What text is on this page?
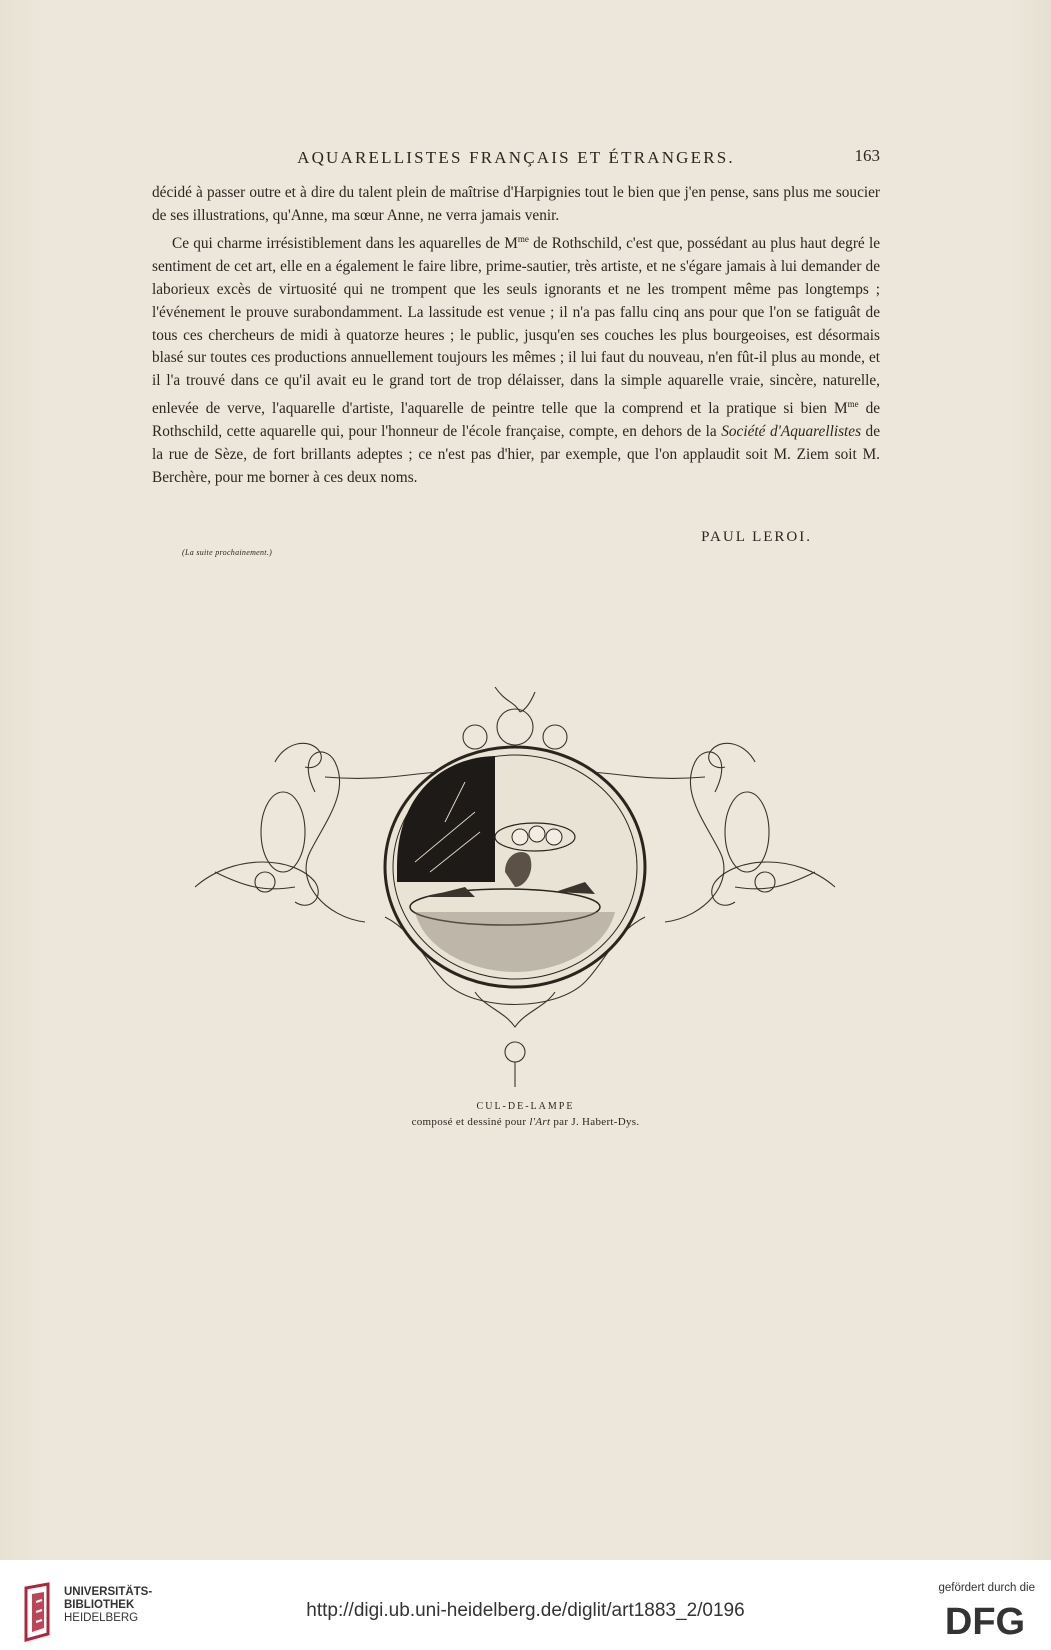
AQUARELLISTES FRANÇAIS ET ÉTRANGERS.	163

décidé à passer outre et à dire du talent plein de maîtrise d'Harpignies tout le bien que j'en pense, sans plus me soucier de ses illustrations, qu'Anne, ma sœur Anne, ne verra jamais venir.

Ce qui charme irrésistiblement dans les aquarelles de $M^{me}$ de Rothschild, c'est que, possédant au plus haut degré le sentiment de cet art, elle en a également le faire libre, prime-sautier, très artiste, et ne s'égare jamais à lui demander de laborieux excès de virtuosité qui ne trompent que les seuls ignorants et ne les trompent même pas longtemps ; l'événement le prouve surabondamment. La lassitude est venue ; il n'a pas fallu cinq ans pour que l'on se fatiguât de tous ces chercheurs de midi à quatorze heures ; le public, jusqu'en ses couches les plus bourgeoises, est désormais blasé sur toutes ces productions annuellement toujours les mêmes ; il lui faut du nouveau, n'en fût-il plus au monde, et il l'a trouvé dans ce qu'il avait eu le grand tort de trop délaisser, dans la simple aquarelle vraie, sincère, naturelle, enlevée de verve, l'aquarelle d'artiste, l'aquarelle de peintre telle que la comprend et la pratique si bien $M^{me}$ de Rothschild, cette aquarelle qui, pour l'honneur de l'école française, compte, en dehors de la Société d'Aquarellistes de la rue de Sèze, de fort brillants adeptes ; ce n'est pas d'hier, par exemple, que l'on applaudit soit M. Ziem soit M. Berchère, pour me borner à ces deux noms.

PAUL LEROI.
(La suite prochainement.)
CUL-DE-LAMPE
composé et dessiné pour l'Art par J. Habert-Dys.
UNIVERSITÄTS-
BIBLIOTHEK
HEIDELBERG	http://digi.ub.uni-heidelberg.de/diglit/art1883_2/0196
gefördert durch die
DFG
